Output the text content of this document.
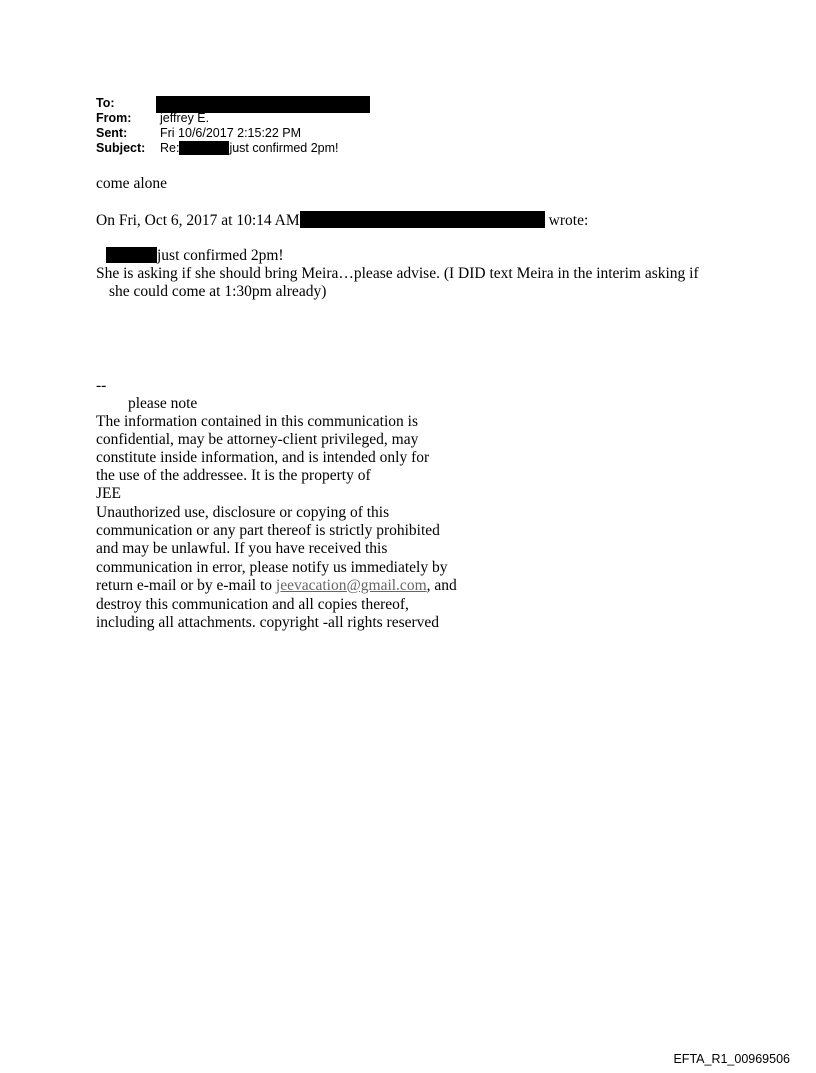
To:
From: jeffrey E.
Sent:	Fri 10/6/2017 2:15:22 PM
Subject: Re:	just confirmed 2pm!
come alone
On Fri, Oct 6, 2017 at 10:14 AM	wrote:
just confirmed 2pm!
She is asking if she should bring Meira…please advise. (I DID text Meira in the interim asking if
she could come at 1:30pm already)
--
please note
The information contained in this communication is
confidential, may be attorney-client privileged, may
constitute inside information, and is intended only for
the use of the addressee. It is the property of
JEE
Unauthorized use, disclosure or copying of this
communication or any part thereof is strictly prohibited
and may be unlawful. If you have received this
communication in error, please notify us immediately by
return e-mail or by e-mail to jeevacation@gmail.com, and
destroy this communication and all copies thereof,
including all attachments. copyright -all rights reserved
EFTA_R1_00969506
